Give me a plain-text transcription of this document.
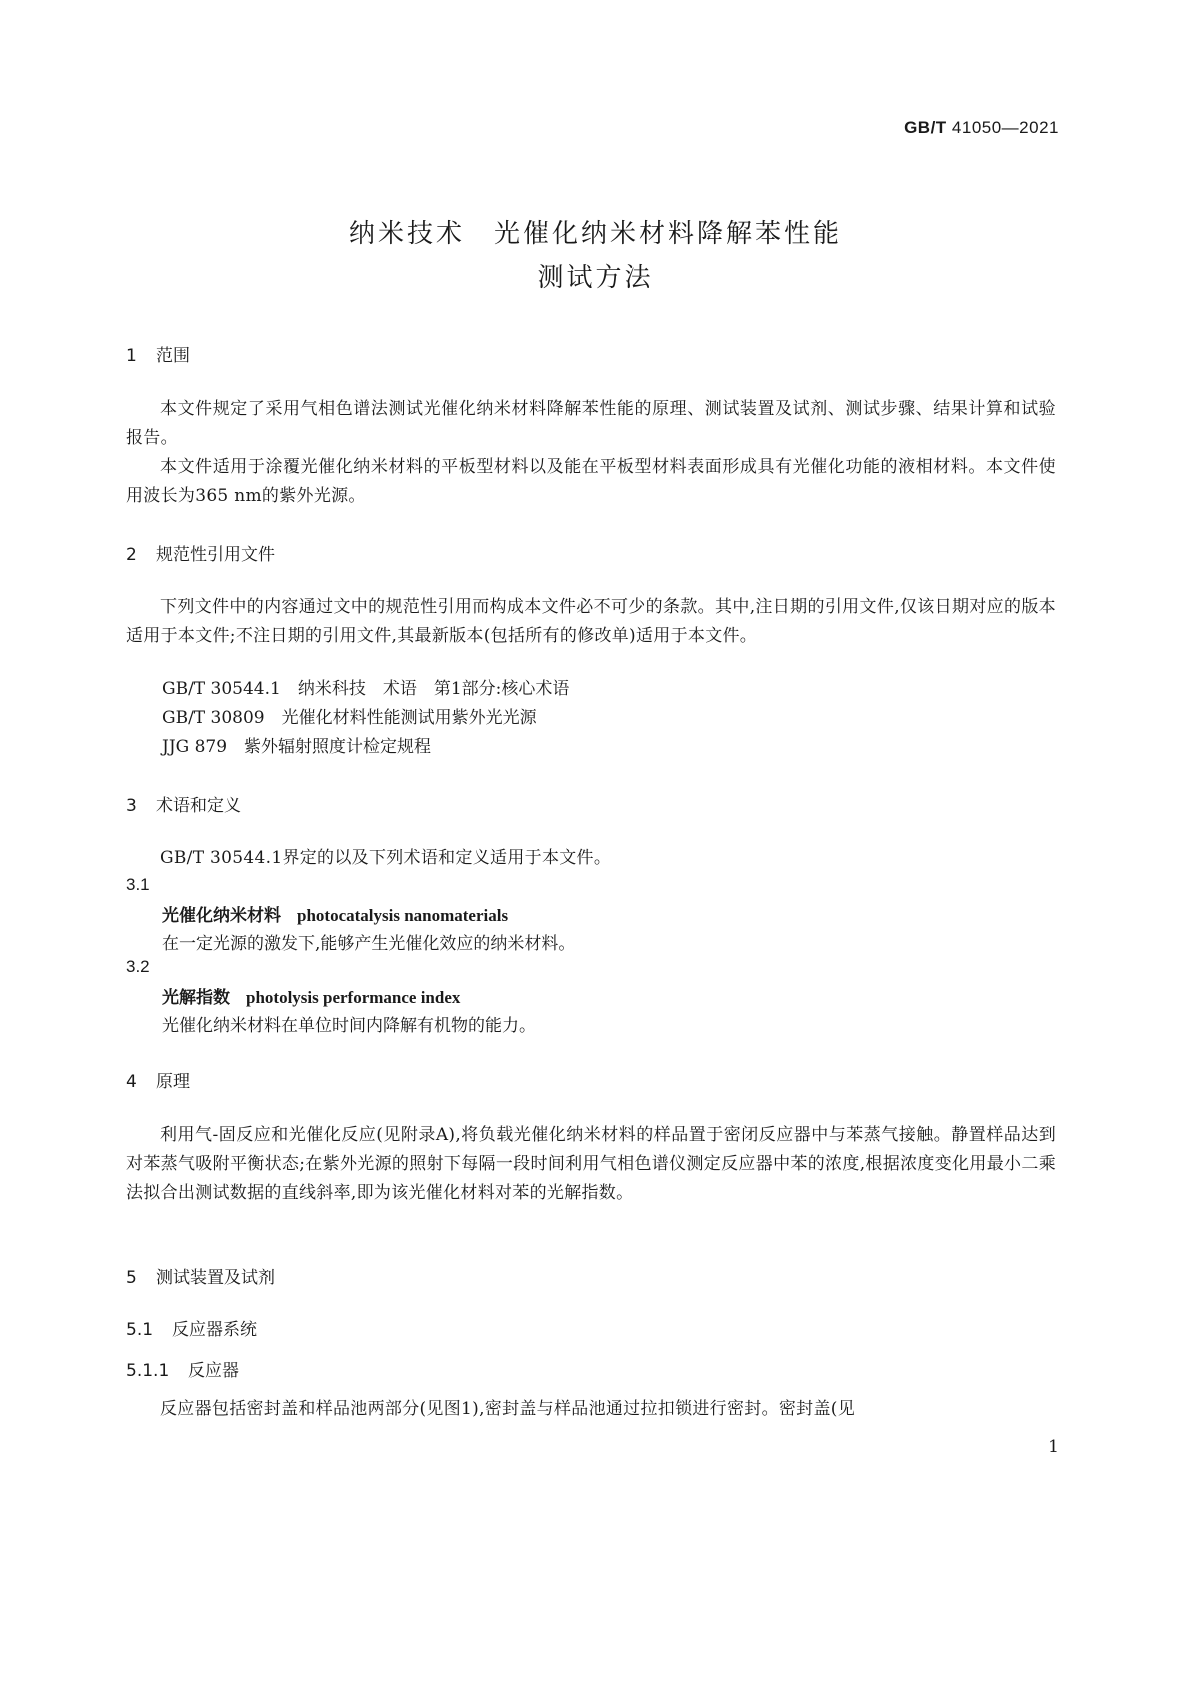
GB/T 41050—2021
纳米技术　光催化纳米材料降解苯性能
测试方法
1 范围
本文件规定了采用气相色谱法测试光催化纳米材料降解苯性能的原理、测试装置及试剂、测试步骤、结果计算和试验报告。
本文件适用于涂覆光催化纳米材料的平板型材料以及能在平板型材料表面形成具有光催化功能的液相材料。本文件使用波长为365 nm的紫外光源。
2 规范性引用文件
下列文件中的内容通过文中的规范性引用而构成本文件必不可少的条款。其中,注日期的引用文件,仅该日期对应的版本适用于本文件;不注日期的引用文件,其最新版本(包括所有的修改单)适用于本文件。
GB/T 30544.1　纳米科技　术语　第1部分:核心术语
GB/T 30809　光催化材料性能测试用紫外光光源
JJG 879　紫外辐射照度计检定规程
3 术语和定义
GB/T 30544.1界定的以及下列术语和定义适用于本文件。
3.1
光催化纳米材料 photocatalysis nanomaterials
在一定光源的激发下,能够产生光催化效应的纳米材料。
3.2
光解指数 photolysis performance index
光催化纳米材料在单位时间内降解有机物的能力。
4 原理
利用气-固反应和光催化反应(见附录A),将负载光催化纳米材料的样品置于密闭反应器中与苯蒸气接触。静置样品达到对苯蒸气吸附平衡状态;在紫外光源的照射下每隔一段时间利用气相色谱仪测定反应器中苯的浓度,根据浓度变化用最小二乘法拟合出测试数据的直线斜率,即为该光催化材料对苯的光解指数。
5 测试装置及试剂
5.1 反应器系统
5.1.1 反应器
反应器包括密封盖和样品池两部分(见图1),密封盖与样品池通过拉扣锁进行密封。密封盖(见
1
